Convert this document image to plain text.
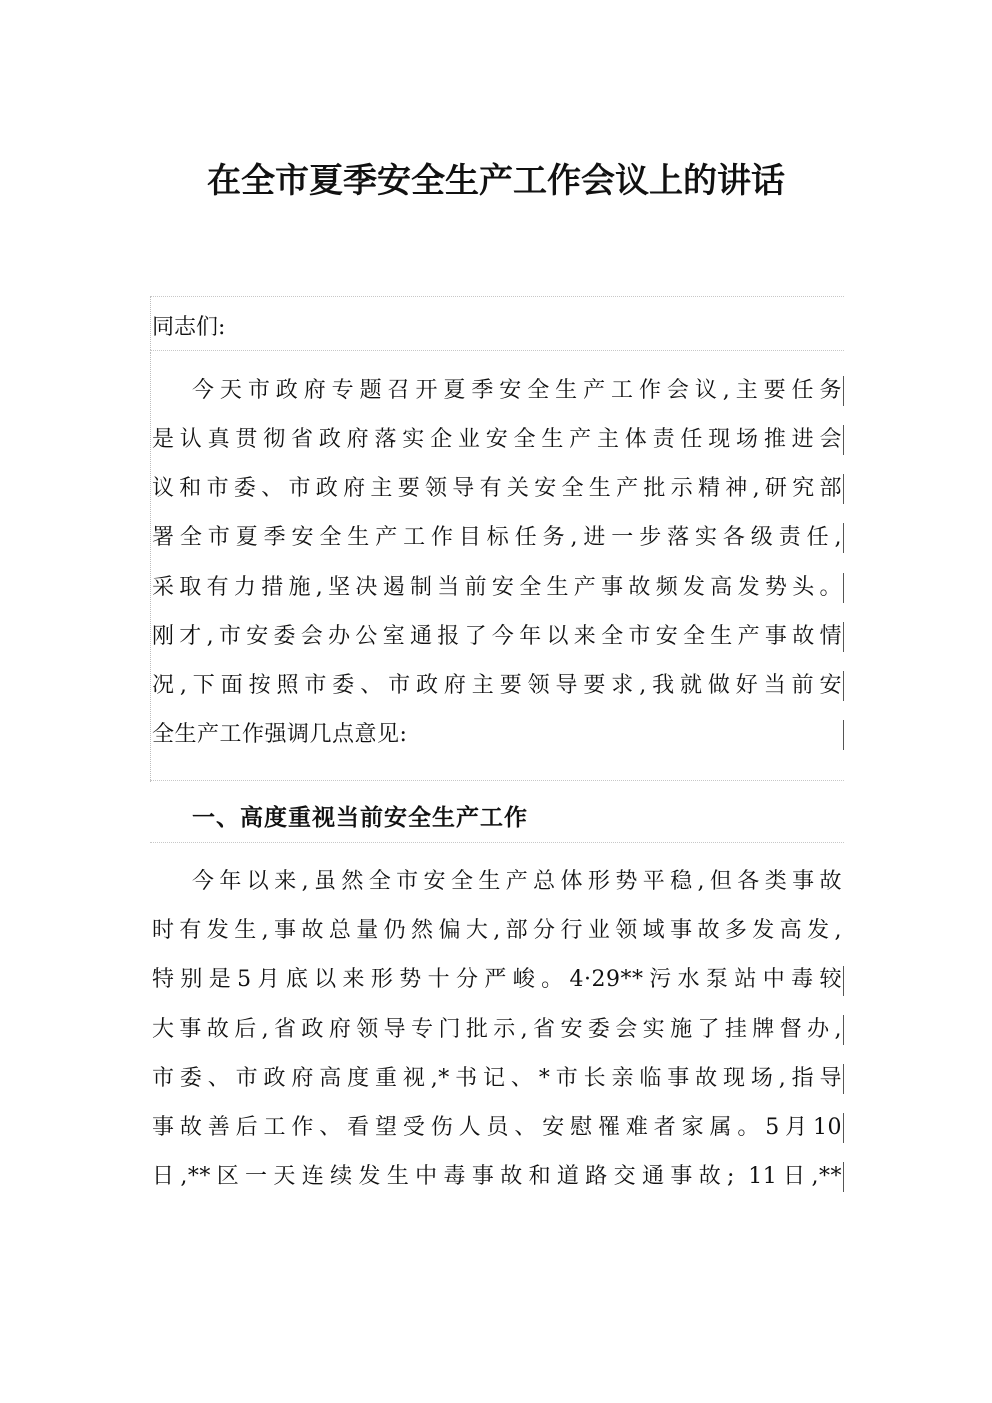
在全市夏季安全生产工作会议上的讲话

同志们:

今天市政府专题召开夏季安全生产工作会议,主要任务

是认真贯彻省政府落实企业安全生产主体责任现场推进会

议和市委、市政府主要领导有关安全生产批示精神,研究部

署全市夏季安全生产工作目标任务,进一步落实各级责任,

采取有力措施,坚决遏制当前安全生产事故频发高发势头。

刚才,市安委会办公室通报了今年以来全市安全生产事故情

况,下面按照市委、市政府主要领导要求,我就做好当前安

全生产工作强调几点意见:

一、高度重视当前安全生产工作

今年以来,虽然全市安全生产总体形势平稳,但各类事故

时有发生,事故总量仍然偏大,部分行业领域事故多发高发,

特别是5月底以来形势十分严峻。4·29**污水泵站中毒较

大事故后,省政府领导专门批示,省安委会实施了挂牌督办,

市委、市政府高度重视,*书记、*市长亲临事故现场,指导

事故善后工作、看望受伤人员、安慰罹难者家属。5月10

日,**区一天连续发生中毒事故和道路交通事故; 11日,**
